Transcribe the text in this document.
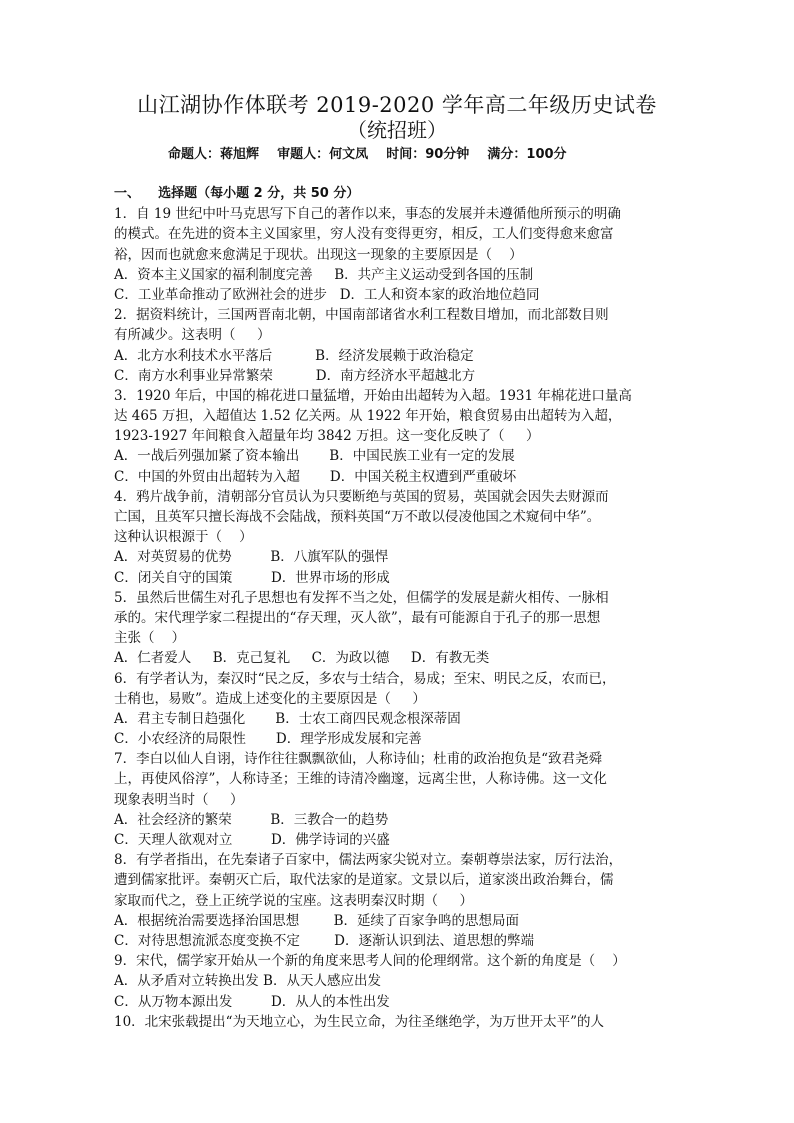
山江湖协作体联考 2019-2020 学年高二年级历史试卷
（统招班）
命题人：蒋旭辉    审题人：何文凤    时间：90分钟    满分：100分
一、    选择题（每小题 2 分，共 50 分）
1．自 19 世纪中叶马克思写下自己的著作以来，事态的发展并未遵循他所预示的明确
的模式。在先进的资本主义国家里，穷人没有变得更穷，相反，工人们变得愈来愈富
裕，因而也就愈来愈满足于现状。出现这一现象的主要原因是（    ）
A．资本主义国家的福利制度完善     B．共产主义运动受到各国的压制
C．工业革命推动了欧洲社会的进步   D．工人和资本家的政治地位趋同
2．据资料统计，三国两晋南北朝，中国南部诸省水利工程数目增加，而北部数目则
有所减少。这表明（     ）
A．北方水利技术水平落后          B．经济发展赖于政治稳定
C．南方水利事业异常繁荣          D．南方经济水平超越北方
3．1920 年后，中国的棉花进口量猛增，开始由出超转为入超。1931 年棉花进口量高
达 465 万担，入超值达 1.52 亿关两。从 1922 年开始，粮食贸易由出超转为入超，
1923-1927 年间粮食入超量年均 3842 万担。这一变化反映了（     ）
A．一战后列强加紧了资本输出       B．中国民族工业有一定的发展
C．中国的外贸由出超转为入超       D．中国关税主权遭到严重破坏
4．鸦片战争前，清朝部分官员认为只要断绝与英国的贸易，英国就会因失去财源而
亡国，且英军只擅长海战不会陆战，预料英国“万不敢以侵凌他国之术窥伺中华”。
这种认识根源于（    ）
A．对英贸易的优势         B．八旗军队的强悍
C．闭关自守的国策         D．世界市场的形成
5．虽然后世儒生对孔子思想也有发挥不当之处，但儒学的发展是薪火相传、一脉相
承的。宋代理学家二程提出的“存天理，灭人欲”，最有可能源自于孔子的那一思想
主张（    ）
A．仁者爱人     B．克己复礼     C．为政以德     D．有教无类
6．有学者认为，秦汉时“民之反，多农与士结合，易成；至宋、明民之反，农而已，
士稍也，易败”。造成上述变化的主要原因是（     ）
A．君主专制日趋强化       B．士农工商四民观念根深蒂固
C．小农经济的局限性       D．理学形成发展和完善
7．李白以仙人自诩，诗作往往飘飘欲仙，人称诗仙；杜甫的政治抱负是“致君尧舜
上，再使风俗淳”，人称诗圣；王维的诗清冷幽邃，远离尘世，人称诗佛。这一文化
现象表明当时（     ）
A．社会经济的繁荣         B．三教合一的趋势
C．天理人欲观对立         D．佛学诗词的兴盛
8．有学者指出，在先秦诸子百家中，儒法两家尖锐对立。秦朝尊崇法家，厉行法治，
遭到儒家批评。秦朝灭亡后，取代法家的是道家。文景以后，道家淡出政治舞台，儒
家取而代之，登上正统学说的宝座。这表明秦汉时期（     ）
A．根据统治需要选择治国思想        B．延续了百家争鸣的思想局面
C．对待思想流派态度变换不定        D．逐渐认识到法、道思想的弊端
9．宋代，儒学家开始从一个新的角度来思考人间的伦理纲常。这个新的角度是（    ）
A．从矛盾对立转换出发 B．从天人感应出发
C．从万物本源出发         D．从人的本性出发
10．北宋张载提出“为天地立心，为生民立命，为往圣继绝学，为万世开太平”的人
